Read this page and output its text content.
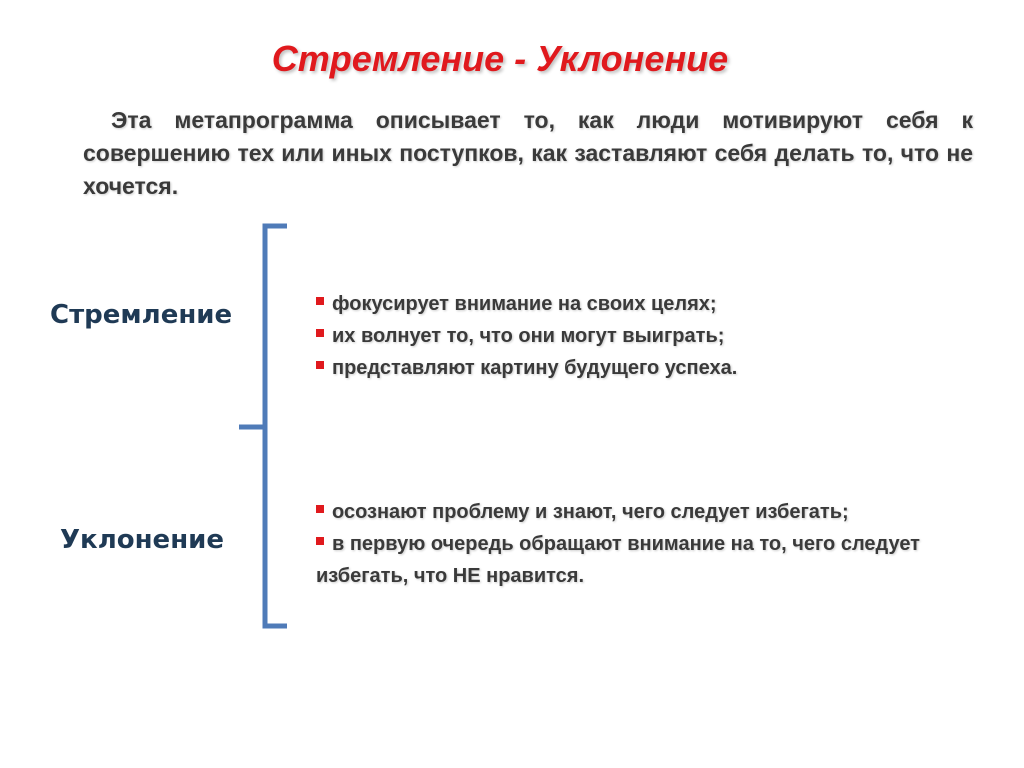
Стремление - Уклонение
Эта метапрограмма описывает то, как люди мотивируют себя к совершению тех или иных поступков, как заставляют себя делать то, что не хочется.
Стремление
Уклонение
фокусирует внимание на своих целях;
их волнует то, что они могут выиграть;
представляют картину будущего успеха.
осознают проблему и знают, чего следует избегать;
в первую очередь обращают внимание на то, чего следует избегать, что НЕ нравится.
